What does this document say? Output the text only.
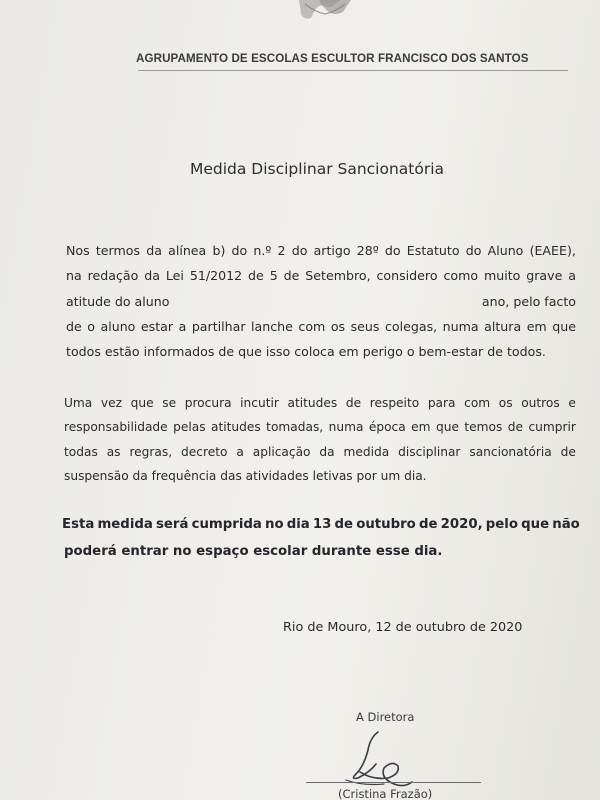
AGRUPAMENTO DE ESCOLAS ESCULTOR FRANCISCO DOS SANTOS
Medida Disciplinar Sancionatória
Nos termos da alínea b) do n.º 2 do artigo 28º do Estatuto do Aluno (EAEE),
na redação da Lei 51/2012 de 5 de Setembro, considero como muito grave a
atitude do aluno	ano, pelo facto
de o aluno estar a partilhar lanche com os seus colegas, numa altura em que
todos estão informados de que isso coloca em perigo o bem-estar de todos.
Uma vez que se procura incutir atitudes de respeito para com os outros e
responsabilidade pelas atitudes tomadas, numa época em que temos de cumprir
todas as regras, decreto a aplicação da medida disciplinar sancionatória de
suspensão da frequência das atividades letivas por um dia.
Esta medida será cumprida no dia 13 de outubro de 2020, pelo que não
poderá entrar no espaço escolar durante esse dia.
Rio de Mouro, 12 de outubro de 2020
A Diretora
(Cristina Frazão)
